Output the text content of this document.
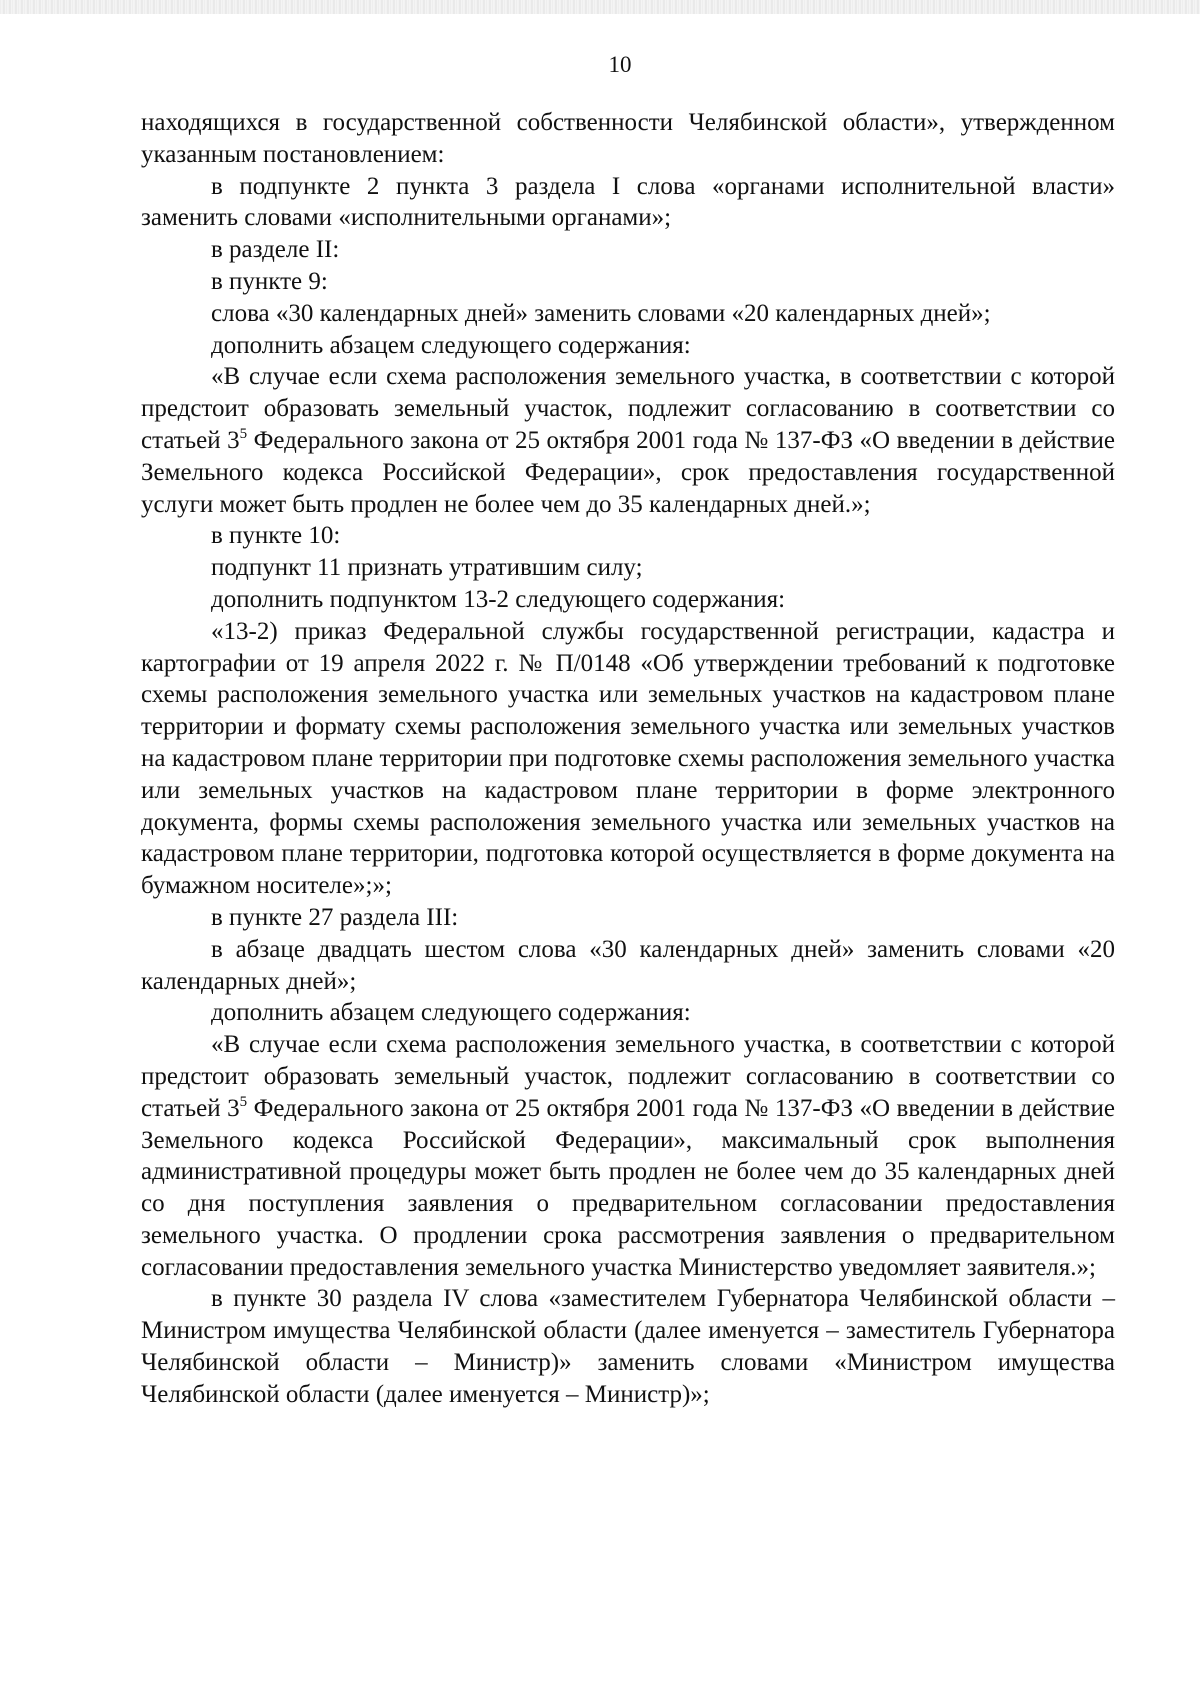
10

находящихся в государственной собственности Челябинской области», утвержденном указанным постановлением:

в подпункте 2 пункта 3 раздела I слова «органами исполнительной власти» заменить словами «исполнительными органами»;

в разделе II:

в пункте 9:

слова «30 календарных дней» заменить словами «20 календарных дней»;

дополнить абзацем следующего содержания:

«В случае если схема расположения земельного участка, в соответствии с которой предстоит образовать земельный участок, подлежит согласованию в соответствии со статьей $3^5$ Федерального закона от 25 октября 2001 года № 137-ФЗ «О введении в действие Земельного кодекса Российской Федерации», срок предоставления государственной услуги может быть продлен не более чем до 35 календарных дней.»;

в пункте 10:

подпункт 11 признать утратившим силу;

дополнить подпунктом 13-2 следующего содержания:

«13-2) приказ Федеральной службы государственной регистрации, кадастра и картографии от 19 апреля 2022 г. № П/0148 «Об утверждении требований к подготовке схемы расположения земельного участка или земельных участков на кадастровом плане территории и формату схемы расположения земельного участка или земельных участков на кадастровом плане территории при подготовке схемы расположения земельного участка или земельных участков на кадастровом плане территории в форме электронного документа, формы схемы расположения земельного участка или земельных участков на кадастровом плане территории, подготовка которой осуществляется в форме документа на бумажном носителе»;»;

в пункте 27 раздела III:

в абзаце двадцать шестом слова «30 календарных дней» заменить словами «20 календарных дней»;

дополнить абзацем следующего содержания:

«В случае если схема расположения земельного участка, в соответствии с которой предстоит образовать земельный участок, подлежит согласованию в соответствии со статьей $3^5$ Федерального закона от 25 октября 2001 года № 137-ФЗ «О введении в действие Земельного кодекса Российской Федерации», максимальный срок выполнения административной процедуры может быть продлен не более чем до 35 календарных дней со дня поступления заявления о предварительном согласовании предоставления земельного участка. О продлении срока рассмотрения заявления о предварительном согласовании предоставления земельного участка Министерство уведомляет заявителя.»;

в пункте 30 раздела IV слова «заместителем Губернатора Челябинской области – Министром имущества Челябинской области (далее именуется – заместитель Губернатора Челябинской области – Министр)» заменить словами «Министром имущества Челябинской области (далее именуется – Министр)»;
